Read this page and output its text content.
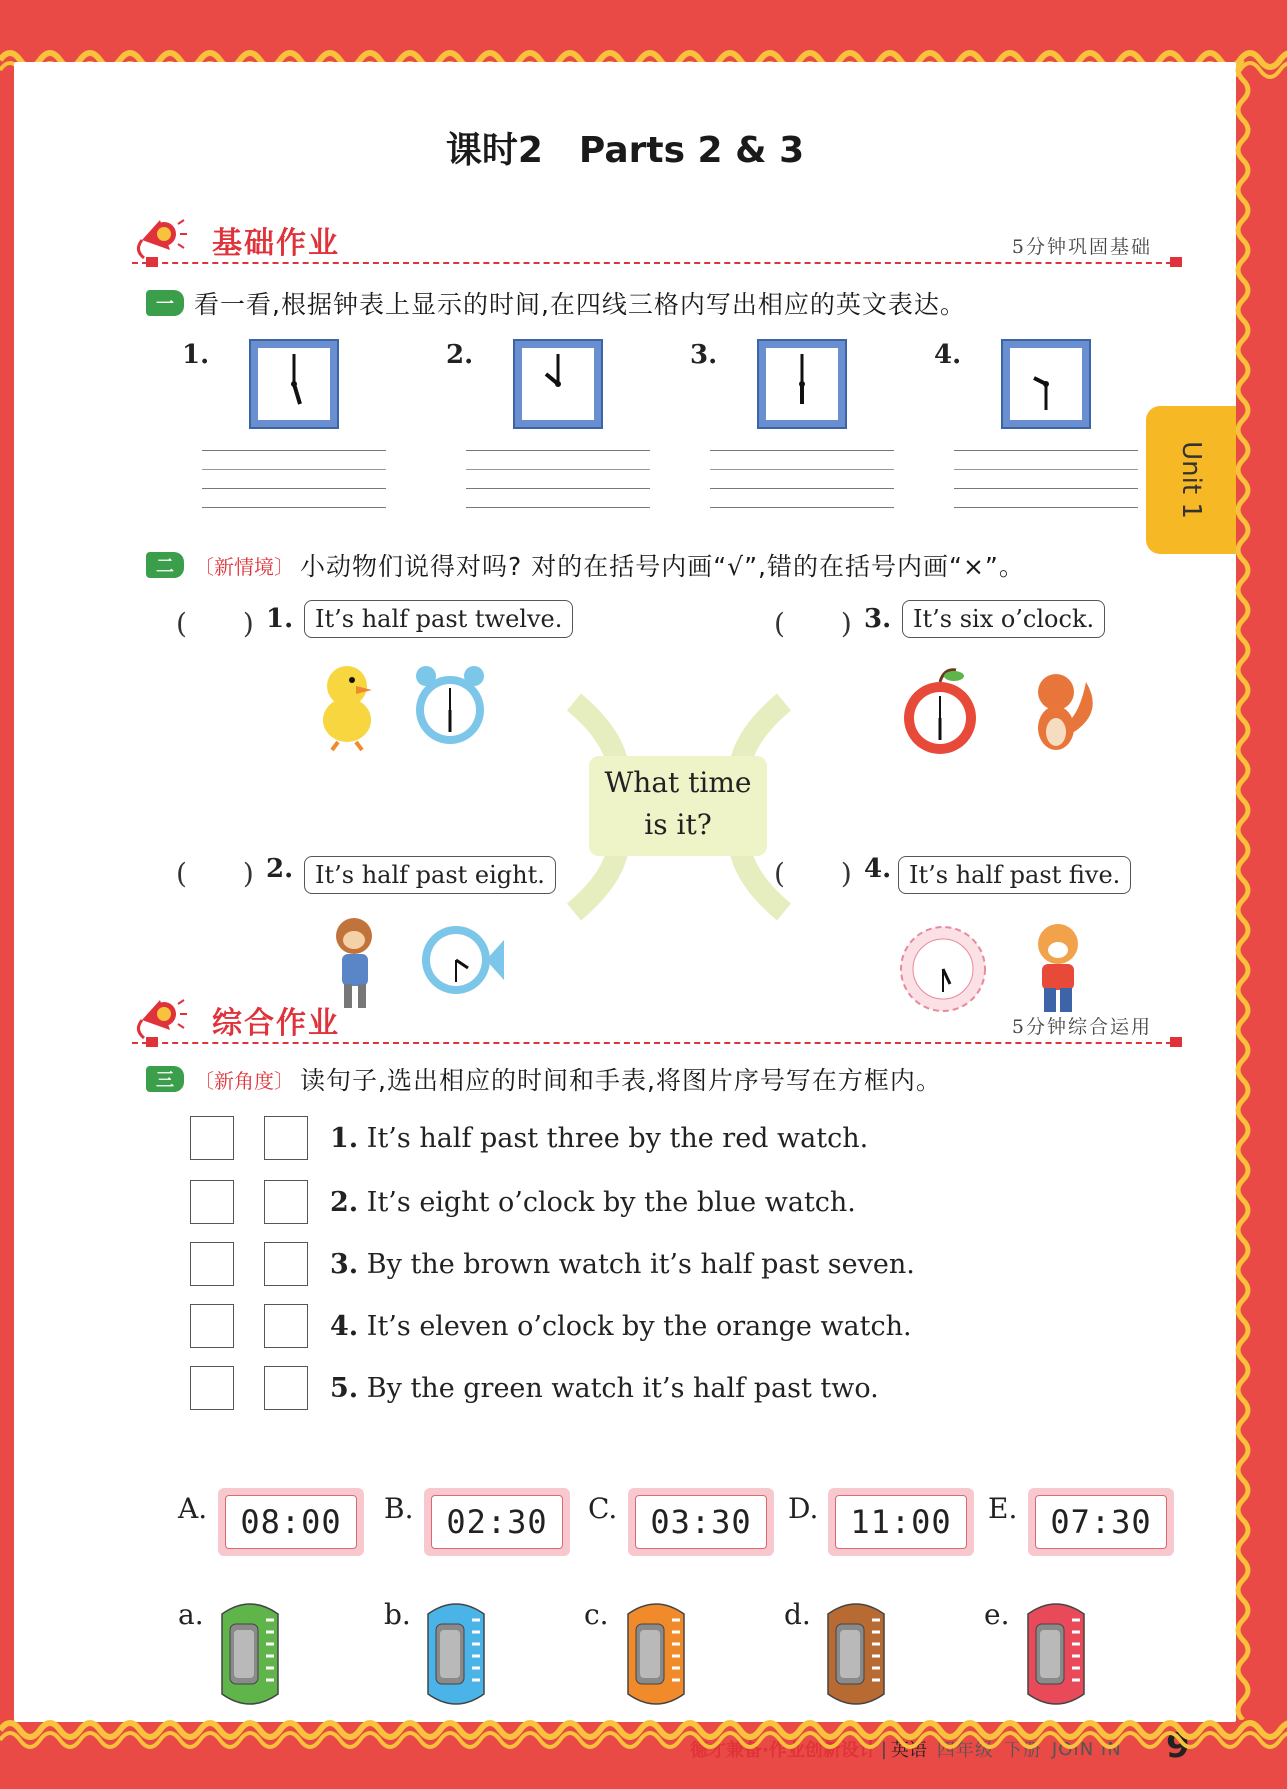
课时2　Parts 2 & 3
Unit 1
基础作业	5分钟巩固基础
一 看一看,根据钟表上显示的时间,在四线三格内写出相应的英文表达。
1.	2.	3.	4.
二	〔新情境〕 小动物们说得对吗? 对的在括号内画“√”,错的在括号内画“×”。
(　　) 1. It’s half past twelve.
(　　) 2. It’s half past eight.
What time
is it?
(　　) 3. It’s six o’clock.
(　　) 4. It’s half past five.
综合作业	5分钟综合运用
三	〔新角度〕 读句子,选出相应的时间和手表,将图片序号写在方框内。
1. It’s half past three by the red watch.
2. It’s eight o’clock by the blue watch.
3. By the brown watch it’s half past seven.
4. It’s eleven o’clock by the orange watch.
5. By the green watch it’s half past two.
A.	08:00	B.	02:30	C.	03:30	D. 11:00	E.	07:30
a.	b.	c.	d.	e.
德才兼备·作业创新设计 | 英语 四年级 下册 JOIN IN 9
